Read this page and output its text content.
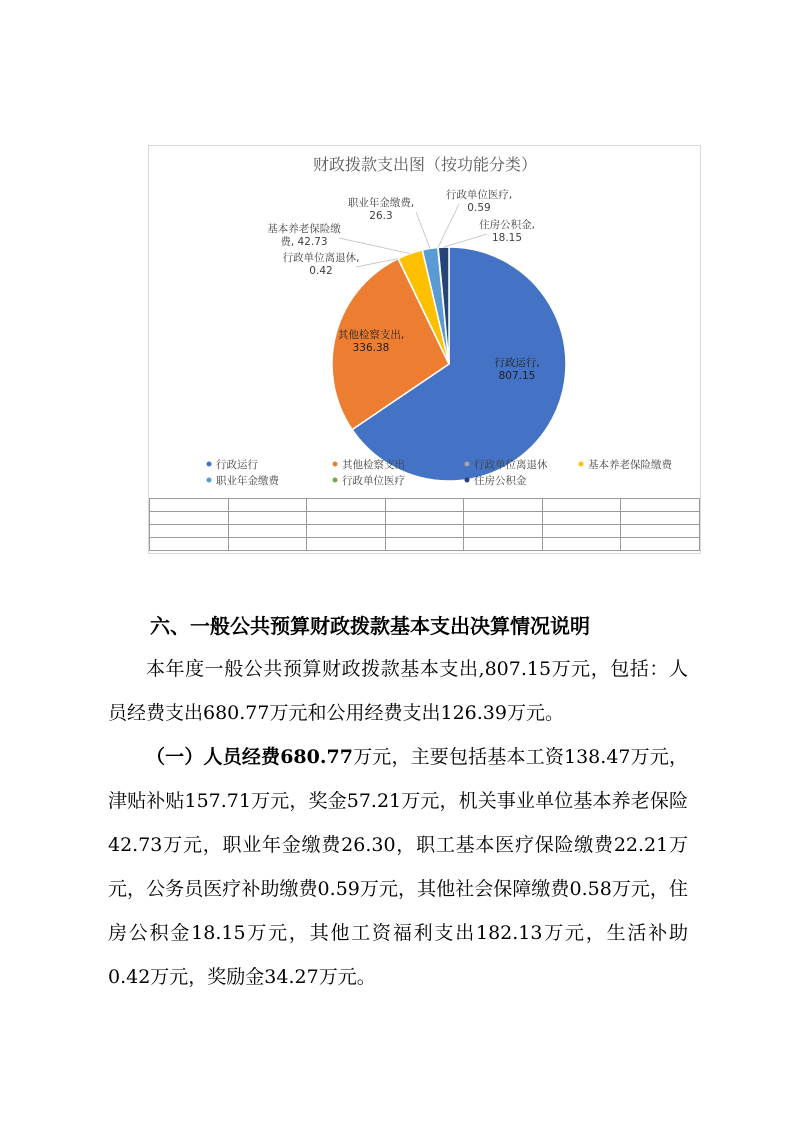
财政拨款支出图（按功能分类）
行政运行,
807.15
其他检察支出,
336.38
行政单位离退休,
0.42
基本养老保险缴
费, 42.73
职业年金缴费,
26.3
行政单位医疗,
0.59
住房公积金,
18.15
行政运行	其他检察支出	行政单位离退休	基本养老保险缴费
职业年金缴费	行政单位医疗	住房公积金

六、一般公共预算财政拨款基本支出决算情况说明

本年度一般公共预算财政拨款基本支出,807.15万元，包括：人员经费支出680.77万元和公用经费支出126.39万元。

（一）人员经费680.77万元，主要包括基本工资138.47万元，津贴补贴157.71万元，奖金57.21万元，机关事业单位基本养老保险42.73万元，职业年金缴费26.30，职工基本医疗保险缴费22.21万元，公务员医疗补助缴费0.59万元，其他社会保障缴费0.58万元，住房公积金18.15万元，其他工资福利支出182.13万元，生活补助0.42万元，奖励金34.27万元。
